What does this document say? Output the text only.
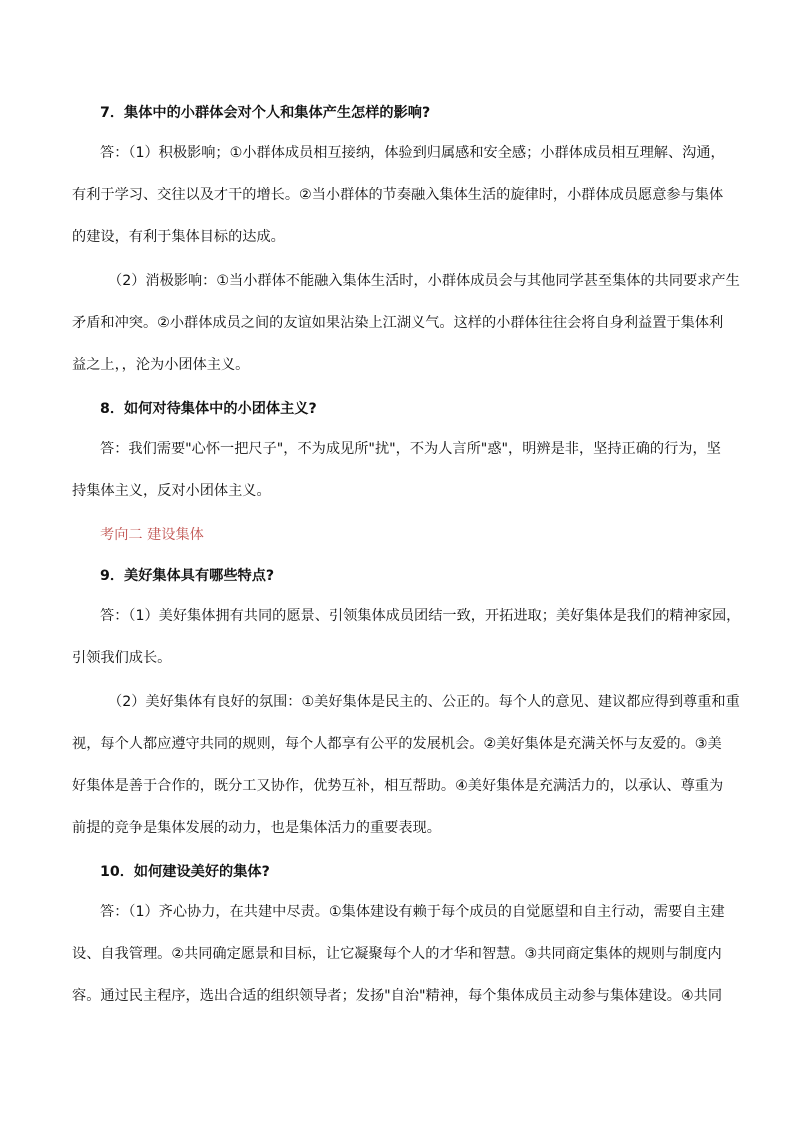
7．集体中的小群体会对个人和集体产生怎样的影响?

答：（1）积极影响；①小群体成员相互接纳，体验到归属感和安全感；小群体成员相互理解、沟通，

有利于学习、交往以及才干的增长。②当小群体的节奏融入集体生活的旋律时，小群体成员愿意参与集体

的建设，有利于集体目标的达成。

（2）消极影响：①当小群体不能融入集体生活时，小群体成员会与其他同学甚至集体的共同要求产生

矛盾和冲突。②小群体成员之间的友谊如果沾染上江湖义气。这样的小群体往往会将自身利益置于集体利

益之上，，沦为小团体主义。

8．如何对待集体中的小团体主义?

答：我们需要"心怀一把尺子"，不为成见所"扰"，不为人言所"惑"，明辨是非，坚持正确的行为，坚

持集体主义，反对小团体主义。

考向二 建设集体

9．美好集体具有哪些特点?

答：（1）美好集体拥有共同的愿景、引领集体成员团结一致，开拓进取；美好集体是我们的精神家园，

引领我们成长。

（2）美好集体有良好的氛围：①美好集体是民主的、公正的。每个人的意见、建议都应得到尊重和重

视，每个人都应遵守共同的规则，每个人都享有公平的发展机会。②美好集体是充满关怀与友爱的。③美

好集体是善于合作的，既分工又协作，优势互补，相互帮助。④美好集体是充满活力的，以承认、尊重为

前提的竞争是集体发展的动力，也是集体活力的重要表现。

10．如何建设美好的集体?

答：（1）齐心协力，在共建中尽责。①集体建设有赖于每个成员的自觉愿望和自主行动，需要自主建

设、自我管理。②共同确定愿景和目标，让它凝聚每个人的才华和智慧。③共同商定集体的规则与制度内

容。通过民主程序，选出合适的组织领导者；发扬"自治"精神，每个集体成员主动参与集体建设。④共同
